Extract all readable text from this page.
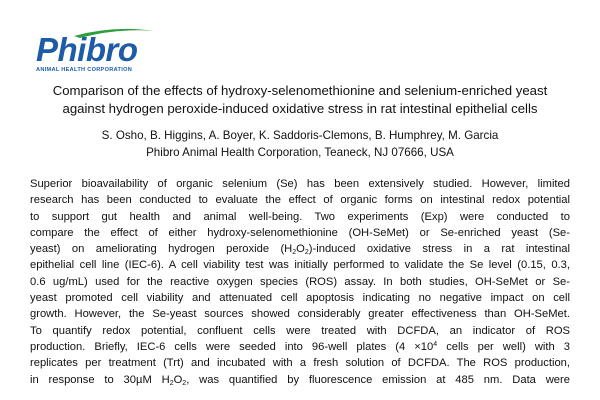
Phibro
ANIMAL HEALTH CORPORATION
Comparison of the effects of hydroxy-selenomethionine and selenium-enriched yeast
against hydrogen peroxide-induced oxidative stress in rat intestinal epithelial cells
S. Osho, B. Higgins, A. Boyer, K. Saddoris-Clemons, B. Humphrey, M. Garcia
Phibro Animal Health Corporation, Teaneck, NJ 07666, USA
Superior bioavailability of organic selenium (Se) has been extensively studied. However, limited
research has been conducted to evaluate the effect of organic forms on intestinal redox potential
to support gut health and animal well-being. Two experiments (Exp) were conducted to
compare the effect of either hydroxy-selenomethionine (OH-SeMet) or Se-enriched yeast (Se-
yeast) on ameliorating hydrogen peroxide $(H_2O_2)$-induced oxidative stress in a rat intestinal
epithelial cell line (IEC-6). A cell viability test was initially performed to validate the Se level (0.15, 0.3,
0.6 ug/mL) used for the reactive oxygen species (ROS) assay. In both studies, OH-SeMet or Se-
yeast promoted cell viability and attenuated cell apoptosis indicating no negative impact on cell
growth. However, the Se-yeast sources showed considerably greater effectiveness than OH-SeMet.
To quantify redox potential, confluent cells were treated with DCFDA, an indicator of ROS
production. Briefly, IEC-6 cells were seeded into 96-well plates ($4 \times 10^4$ cells per well) with 3
replicates per treatment (Trt) and incubated with a fresh solution of DCFDA. The ROS production,
in response to 30µM $H_2O_2$, was quantified by fluorescence emission at 485 nm. Data were
